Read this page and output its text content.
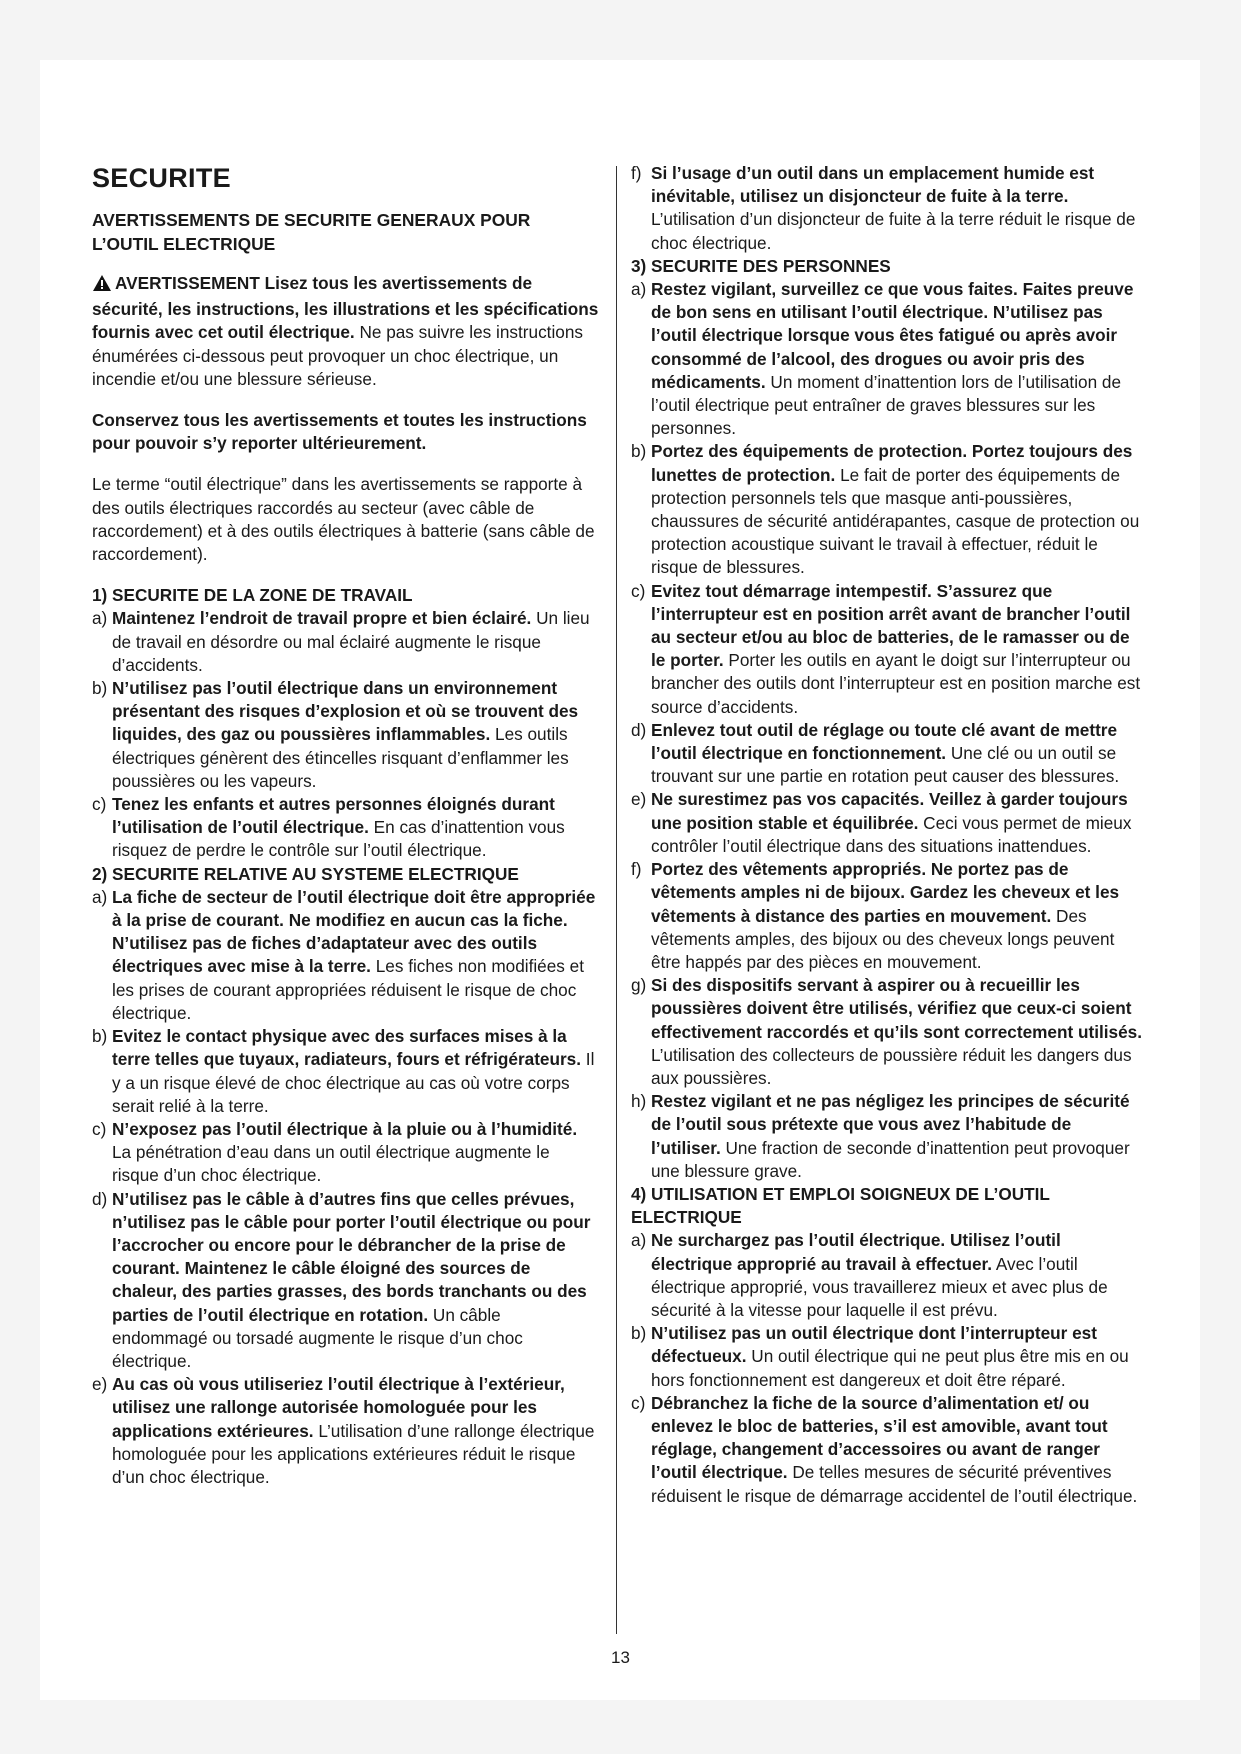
SECURITE

AVERTISSEMENTS DE SECURITE GENERAUX POUR L’OUTIL ELECTRIQUE

AVERTISSEMENT Lisez tous les avertissements de sécurité, les instructions, les illustrations et les spécifications fournis avec cet outil électrique. Ne pas suivre les instructions énumérées ci-dessous peut provoquer un choc électrique, un incendie et/ou une blessure sérieuse.

Conservez tous les avertissements et toutes les instructions pour pouvoir s’y reporter ultérieurement.

Le terme “outil électrique” dans les avertissements se rapporte à des outils électriques raccordés au secteur (avec câble de raccordement) et à des outils électriques à batterie (sans câble de raccordement).

1) SECURITE DE LA ZONE DE TRAVAIL

a) Maintenez l’endroit de travail propre et bien éclairé. Un lieu de travail en désordre ou mal éclairé augmente le risque d’accidents.
b) N’utilisez pas l’outil électrique dans un environnement présentant des risques d’explosion et où se trouvent des liquides, des gaz ou poussières inflammables. Les outils électriques génèrent des étincelles risquant d’enflammer les poussières ou les vapeurs.
c) Tenez les enfants et autres personnes éloignés durant l’utilisation de l’outil électrique. En cas d’inattention vous risquez de perdre le contrôle sur l’outil électrique.

2) SECURITE RELATIVE AU SYSTEME ELECTRIQUE

a) La fiche de secteur de l’outil électrique doit être appropriée à la prise de courant. Ne modifiez en aucun cas la fiche. N’utilisez pas de fiches d’adaptateur avec des outils électriques avec mise à la terre. Les fiches non modifiées et les prises de courant appropriées réduisent le risque de choc électrique.
b) Evitez le contact physique avec des surfaces mises à la terre telles que tuyaux, radiateurs, fours et réfrigérateurs. Il y a un risque élevé de choc électrique au cas où votre corps serait relié à la terre.
c) N’exposez pas l’outil électrique à la pluie ou à l’humidité. La pénétration d’eau dans un outil électrique augmente le risque d’un choc électrique.
d) N’utilisez pas le câble à d’autres fins que celles prévues, n’utilisez pas le câble pour porter l’outil électrique ou pour l’accrocher ou encore pour le débrancher de la prise de courant. Maintenez le câble éloigné des sources de chaleur, des parties grasses, des bords tranchants ou des parties de l’outil électrique en rotation. Un câble endommagé ou torsadé augmente le risque d’un choc électrique.
e) Au cas où vous utiliseriez l’outil électrique à l’extérieur, utilisez une rallonge autorisée homologuée pour les applications extérieures. L’utilisation d’une rallonge électrique homologuée pour les applications extérieures réduit le risque d’un choc électrique.
f) Si l’usage d’un outil dans un emplacement humide est inévitable, utilisez un disjoncteur de fuite à la terre. L’utilisation d’un disjoncteur de fuite à la terre réduit le risque de choc électrique.

3) SECURITE DES PERSONNES

a) Restez vigilant, surveillez ce que vous faites. Faites preuve de bon sens en utilisant l’outil électrique. N’utilisez pas l’outil électrique lorsque vous êtes fatigué ou après avoir consommé de l’alcool, des drogues ou avoir pris des médicaments. Un moment d’inattention lors de l’utilisation de l’outil électrique peut entraîner de graves blessures sur les personnes.
b) Portez des équipements de protection. Portez toujours des lunettes de protection. Le fait de porter des équipements de protection personnels tels que masque anti-poussières, chaussures de sécurité antidérapantes, casque de protection ou protection acoustique suivant le travail à effectuer, réduit le risque de blessures.
c) Evitez tout démarrage intempestif. S’assurez que l’interrupteur est en position arrêt avant de brancher l’outil au secteur et/ou au bloc de batteries, de le ramasser ou de le porter. Porter les outils en ayant le doigt sur l’interrupteur ou brancher des outils dont l’interrupteur est en position marche est source d’accidents.
d) Enlevez tout outil de réglage ou toute clé avant de mettre l’outil électrique en fonctionnement. Une clé ou un outil se trouvant sur une partie en rotation peut causer des blessures.
e) Ne surestimez pas vos capacités. Veillez à garder toujours une position stable et équilibrée. Ceci vous permet de mieux contrôler l’outil électrique dans des situations inattendues.
f) Portez des vêtements appropriés. Ne portez pas de vêtements amples ni de bijoux. Gardez les cheveux et les vêtements à distance des parties en mouvement. Des vêtements amples, des bijoux ou des cheveux longs peuvent être happés par des pièces en mouvement.
g) Si des dispositifs servant à aspirer ou à recueillir les poussières doivent être utilisés, vérifiez que ceux-ci soient effectivement raccordés et qu’ils sont correctement utilisés. L’utilisation des collecteurs de poussière réduit les dangers dus aux poussières.
h) Restez vigilant et ne pas négligez les principes de sécurité de l’outil sous prétexte que vous avez l’habitude de l’utiliser. Une fraction de seconde d’inattention peut provoquer une blessure grave.

4) UTILISATION ET EMPLOI SOIGNEUX DE L’OUTIL ELECTRIQUE

a) Ne surchargez pas l’outil électrique. Utilisez l’outil électrique approprié au travail à effectuer. Avec l’outil électrique approprié, vous travaillerez mieux et avec plus de sécurité à la vitesse pour laquelle il est prévu.
b) N’utilisez pas un outil électrique dont l’interrupteur est défectueux. Un outil électrique qui ne peut plus être mis en ou hors fonctionnement est dangereux et doit être réparé.
c) Débranchez la fiche de la source d’alimentation et/ ou enlevez le bloc de batteries, s’il est amovible, avant tout réglage, changement d’accessoires ou avant de ranger l’outil électrique. De telles mesures de sécurité préventives réduisent le risque de démarrage accidentel de l’outil électrique.
13
